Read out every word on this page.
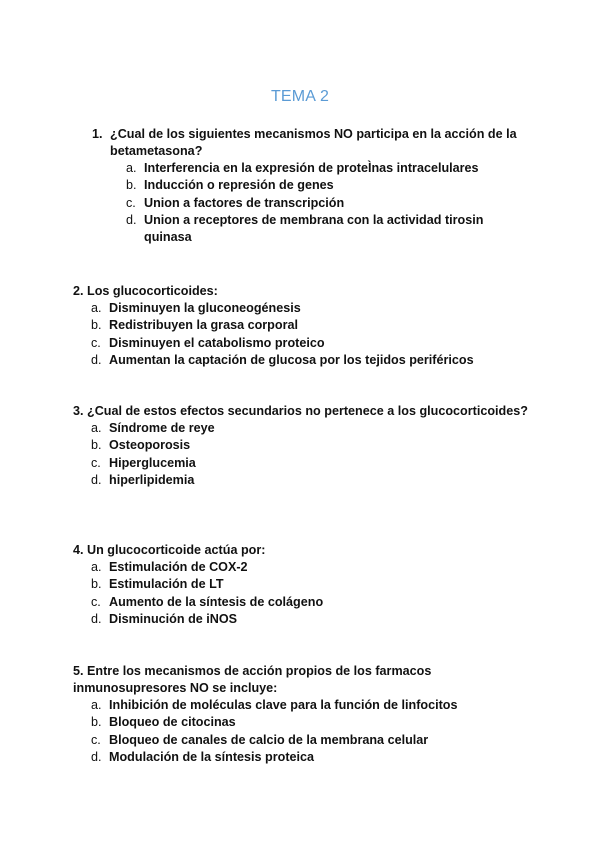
TEMA 2
1. ¿Cual de los siguientes mecanismos NO participa en la acción de la betametasona?
a. Interferencia en la expresión de proteÌnas intracelulares
b. Inducción o represión de genes
c. Union a factores de transcripción
d. Union a receptores de membrana con la actividad tirosin quinasa
2. Los glucocorticoides:
a. Disminuyen la gluconeogénesis
b. Redistribuyen la grasa corporal
c. Disminuyen el catabolismo proteico
d. Aumentan la captación de glucosa por los tejidos periféricos
3. ¿Cual de estos efectos secundarios no pertenece a los glucocorticoides?
a. Síndrome de reye
b. Osteoporosis
c. Hiperglucemia
d. hiperlipidemia
4. Un glucocorticoide actúa por:
a. Estimulación de COX-2
b. Estimulación de LT
c. Aumento de la síntesis de colágeno
d. Disminución de iNOS
5. Entre los mecanismos de acción propios de los farmacos inmunosupresores NO se incluye:
a. Inhibición de moléculas clave para la función de linfocitos
b. Bloqueo de citocinas
c. Bloqueo de canales de calcio de la membrana celular
d. Modulación de la síntesis proteica
